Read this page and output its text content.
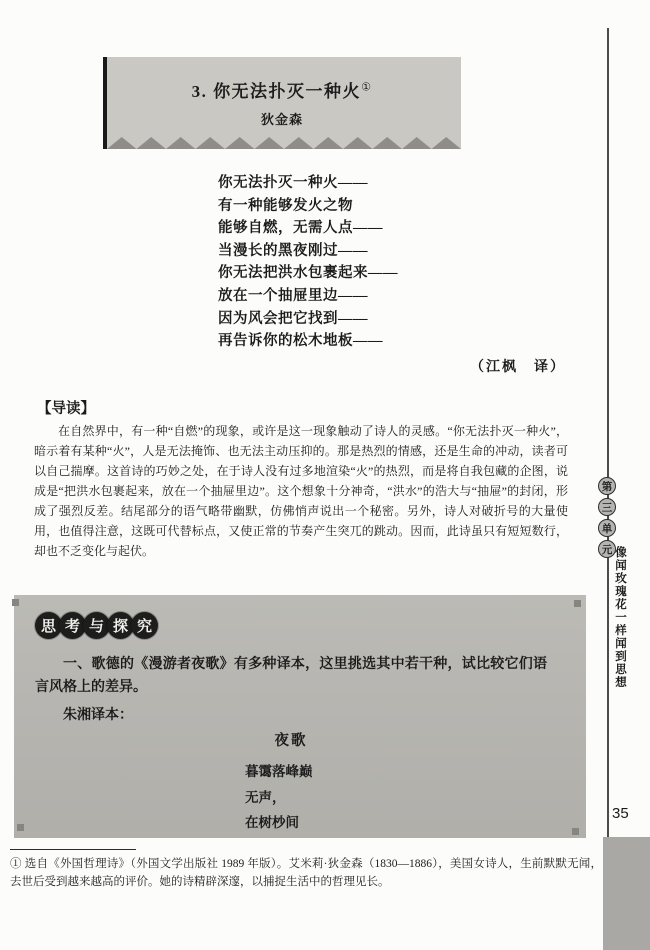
3. 你无法扑灭一种火①
狄金森
你无法扑灭一种火——
有一种能够发火之物
能够自燃，无需人点——
当漫长的黑夜刚过——
你无法把洪水包裹起来——
放在一个抽屉里边——
因为风会把它找到——
再告诉你的松木地板——
（江枫　译）
【导读】
在自然界中，有一种“自燃”的现象，或许是这一现象触动了诗人的灵感。“你无法扑灭一种火”，暗示着有某种“火”，人是无法掩饰、也无法主动压抑的。那是热烈的情感，还是生命的冲动，读者可以自己揣摩。这首诗的巧妙之处，在于诗人没有过多地渲染“火”的热烈，而是将自我包藏的企图，说成是“把洪水包裹起来，放在一个抽屉里边”。这个想象十分神奇，“洪水”的浩大与“抽屉”的封闭，形成了强烈反差。结尾部分的语气略带幽默，仿佛悄声说出一个秘密。另外，诗人对破折号的大量使用，也值得注意，这既可代替标点，又使正常的节奏产生突兀的跳动。因而，此诗虽只有短短数行，却也不乏变化与起伏。
思 考 与 探 究
一、歌德的《漫游者夜歌》有多种译本，这里挑选其中若干种，试比较它们语言风格上的差异。
朱湘译本：
夜歌
暮霭落峰巅
无声，
在树杪间
第
三
单
元 像闻玫瑰花一样闻到思想
35
① 选自《外国哲理诗》（外国文学出版社 1989 年版）。艾米莉·狄金森（1830—1886），美国女诗人，生前默默无闻，去世后受到越来越高的评价。她的诗精辟深邃，以捕捉生活中的哲理见长。
